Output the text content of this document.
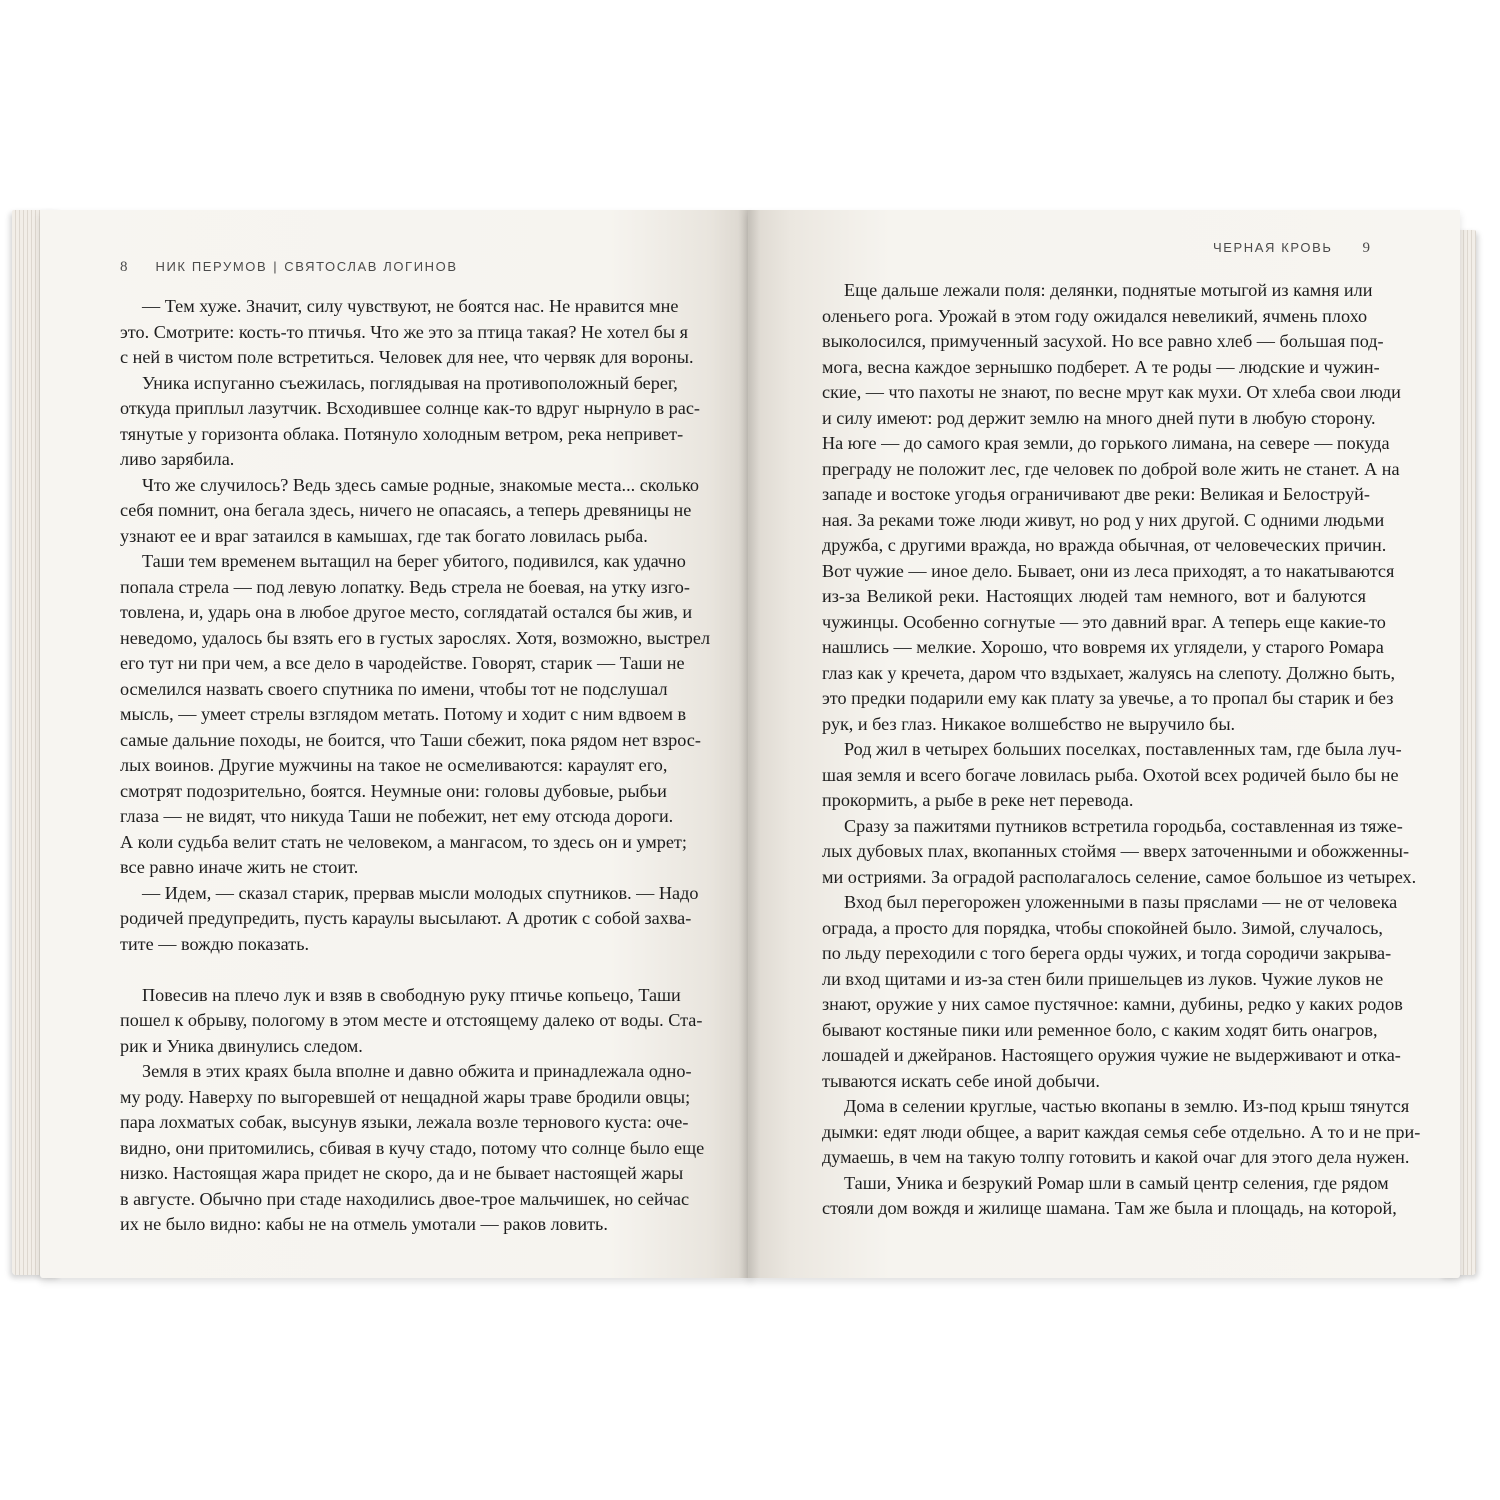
8 НИК ПЕРУМОВ | СВЯТОСЛАВ ЛОГИНОВ
ЧЕРНАЯ КРОВЬ 9
— Тем хуже. Значит, силу чувствуют, не боятся нас. Не нравится мне
это. Смотрите: кость-то птичья. Что же это за птица такая? Не хотел бы я
с ней в чистом поле встретиться. Человек для нее, что червяк для вороны.
Уника испуганно съежилась, поглядывая на противоположный берег,
откуда приплыл лазутчик. Всходившее солнце как-то вдруг нырнуло в рас-
тянутые у горизонта облака. Потянуло холодным ветром, река непривет-
ливо зарябила.
Что же случилось? Ведь здесь самые родные, знакомые места... сколько
себя помнит, она бегала здесь, ничего не опасаясь, а теперь древяницы не
узнают ее и враг затаился в камышах, где так богато ловилась рыба.
Таши тем временем вытащил на берег убитого, подивился, как удачно
попала стрела — под левую лопатку. Ведь стрела не боевая, на утку изго-
товлена, и, ударь она в любое другое место, соглядатай остался бы жив, и
неведомо, удалось бы взять его в густых зарослях. Хотя, возможно, выстрел
его тут ни при чем, а все дело в чародействе. Говорят, старик — Таши не
осмелился назвать своего спутника по имени, чтобы тот не подслушал
мысль, — умеет стрелы взглядом метать. Потому и ходит с ним вдвоем в
самые дальние походы, не боится, что Таши сбежит, пока рядом нет взрос-
лых воинов. Другие мужчины на такое не осмеливаются: караулят его,
смотрят подозрительно, боятся. Неумные они: головы дубовые, рыбьи
глаза — не видят, что никуда Таши не побежит, нет ему отсюда дороги.
А коли судьба велит стать не человеком, а мангасом, то здесь он и умрет;
все равно иначе жить не стоит.
— Идем, — сказал старик, прервав мысли молодых спутников. — Надо
родичей предупредить, пусть караулы высылают. А дротик с собой захва-
тите — вождю показать.
Повесив на плечо лук и взяв в свободную руку птичье копьецо, Таши
пошел к обрыву, пологому в этом месте и отстоящему далеко от воды. Ста-
рик и Уника двинулись следом.
Земля в этих краях была вполне и давно обжита и принадлежала одно-
му роду. Наверху по выгоревшей от нещадной жары траве бродили овцы;
пара лохматых собак, высунув языки, лежала возле тернового куста: оче-
видно, они притомились, сбивая в кучу стадо, потому что солнце было еще
низко. Настоящая жара придет не скоро, да и не бывает настоящей жары
в августе. Обычно при стаде находились двое-трое мальчишек, но сейчас
их не было видно: кабы не на отмель умотали — раков ловить.
Еще дальше лежали поля: делянки, поднятые мотыгой из камня или
оленьего рога. Урожай в этом году ожидался невеликий, ячмень плохо
выколосился, примученный засухой. Но все равно хлеб — большая под-
мога, весна каждое зернышко подберет. А те роды — людские и чужин-
ские, — что пахоты не знают, по весне мрут как мухи. От хлеба свои люди
и силу имеют: род держит землю на много дней пути в любую сторону.
На юге — до самого края земли, до горького лимана, на севере — покуда
преграду не положит лес, где человек по доброй воле жить не станет. А на
западе и востоке угодья ограничивают две реки: Великая и Белоструй-
ная. За реками тоже люди живут, но род у них другой. С одними людьми
дружба, с другими вражда, но вражда обычная, от человеческих причин.
Вот чужие — иное дело. Бывает, они из леса приходят, а то накатываются
из-за Великой реки. Настоящих людей там немного, вот и балуются
чужинцы. Особенно согнутые — это давний враг. А теперь еще какие-то
нашлись — мелкие. Хорошо, что вовремя их углядели, у старого Ромара
глаз как у кречета, даром что вздыхает, жалуясь на слепоту. Должно быть,
это предки подарили ему как плату за увечье, а то пропал бы старик и без
рук, и без глаз. Никакое волшебство не выручило бы.
Род жил в четырех больших поселках, поставленных там, где была луч-
шая земля и всего богаче ловилась рыба. Охотой всех родичей было бы не
прокормить, а рыбе в реке нет перевода.
Сразу за пажитями путников встретила городьба, составленная из тяже-
лых дубовых плах, вкопанных стоймя — вверх заточенными и обожженны-
ми остриями. За оградой располагалось селение, самое большое из четырех.
Вход был перегорожен уложенными в пазы пряслами — не от человека
ограда, а просто для порядка, чтобы спокойней было. Зимой, случалось,
по льду переходили с того берега орды чужих, и тогда сородичи закрыва-
ли вход щитами и из-за стен били пришельцев из луков. Чужие луков не
знают, оружие у них самое пустячное: камни, дубины, редко у каких родов
бывают костяные пики или ременное боло, с каким ходят бить онагров,
лошадей и джейранов. Настоящего оружия чужие не выдерживают и отка-
тываются искать себе иной добычи.
Дома в селении круглые, частью вкопаны в землю. Из-под крыш тянутся
дымки: едят люди общее, а варит каждая семья себе отдельно. А то и не при-
думаешь, в чем на такую толпу готовить и какой очаг для этого дела нужен.
Таши, Уника и безрукий Ромар шли в самый центр селения, где рядом
стояли дом вождя и жилище шамана. Там же была и площадь, на которой,
